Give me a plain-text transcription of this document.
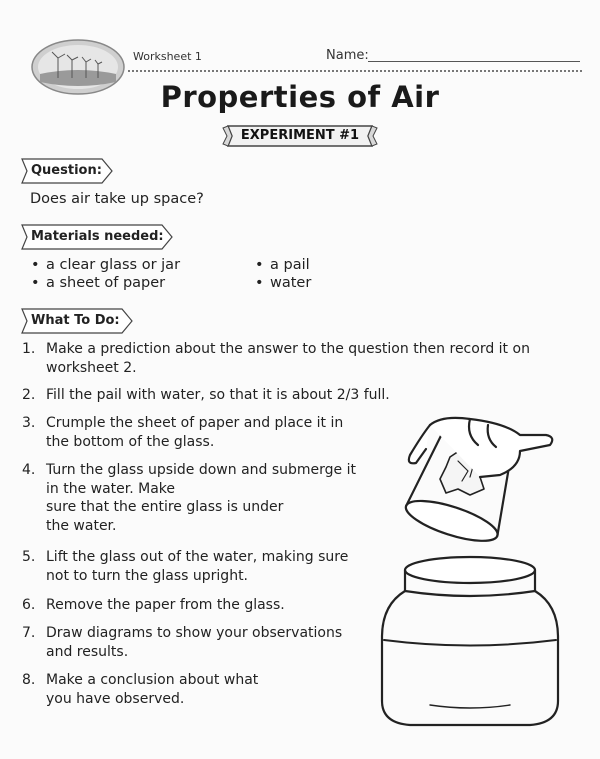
Worksheet 1	Name:
Properties of Air
EXPERIMENT #1
Question:
Does air take up space?
Materials needed:
• a clear glass or jar
• a sheet of paper
• a pail
• water
What To Do:
1. Make a prediction about the answer to the question then record it on
worksheet 2.
2. Fill the pail with water, so that it is about 2/3 full.
3. Crumple the sheet of paper and place it in
the bottom of the glass.
4. Turn the glass upside down and submerge it
in the water. Make
sure that the entire glass is under
the water.
5. Lift the glass out of the water, making sure
not to turn the glass upright.
6. Remove the paper from the glass.
7. Draw diagrams to show your observations
and results.
8. Make a conclusion about what
you have observed.
